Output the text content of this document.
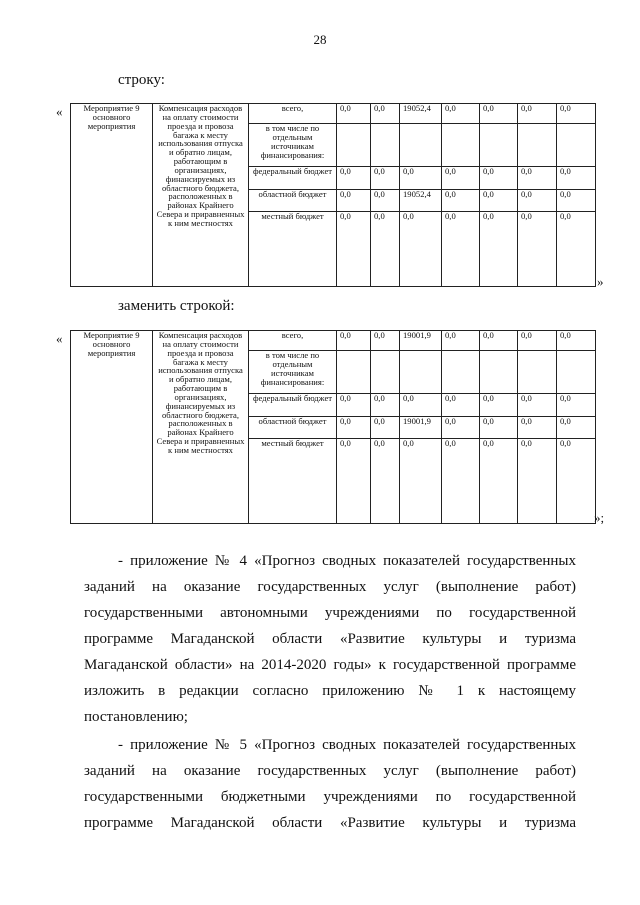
28
строку:
« Мероприятие 9 основного мероприятия	Компенсация расходов на оплату стоимости проезда и провоза багажа к месту использования отпуска и обратно лицам, работающим в организациях, финансируемых из областного бюджета, расположенных в районах Крайнего Севера и приравненных к ним местностях	всего,	0,0	0,0	19052,4	0,0	0,0	0,0	0,0
		в том числе по отдельным источникам финансирования:							
		федеральный бюджет	0,0	0,0	0,0	0,0	0,0	0,0	0,0
		областной бюджет	0,0	0,0	19052,4	0,0	0,0	0,0	0,0
		местный бюджет	0,0	0,0	0,0	0,0	0,0	0,0	0,0
»
заменить строкой:
« Мероприятие 9 основного мероприятия	Компенсация расходов на оплату стоимости проезда и провоза багажа к месту использования отпуска и обратно лицам, работающим в организациях, финансируемых из областного бюджета, расположенных в районах Крайнего Севера и приравненных к ним местностях	всего,	0,0	0,0	19001,9	0,0	0,0	0,0	0,0
		в том числе по отдельным источникам финансирования:							
		федеральный бюджет	0,0	0,0	0,0	0,0	0,0	0,0	0,0
		областной бюджет	0,0	0,0	19001,9	0,0	0,0	0,0	0,0
		местный бюджет	0,0	0,0	0,0	0,0	0,0	0,0	0,0
»;
- приложение № 4 «Прогноз сводных показателей государственных
заданий на оказание государственных услуг (выполнение работ)
государственными автономными учреждениями по государственной
программе Магаданской области «Развитие культуры и туризма
Магаданской области» на 2014-2020 годы» к государственной программе
изложить в редакции согласно приложению № 1 к настоящему
постановлению;
- приложение № 5 «Прогноз сводных показателей государственных
заданий на оказание государственных услуг (выполнение работ)
государственными бюджетными учреждениями по государственной
программе Магаданской области «Развитие культуры и туризма
